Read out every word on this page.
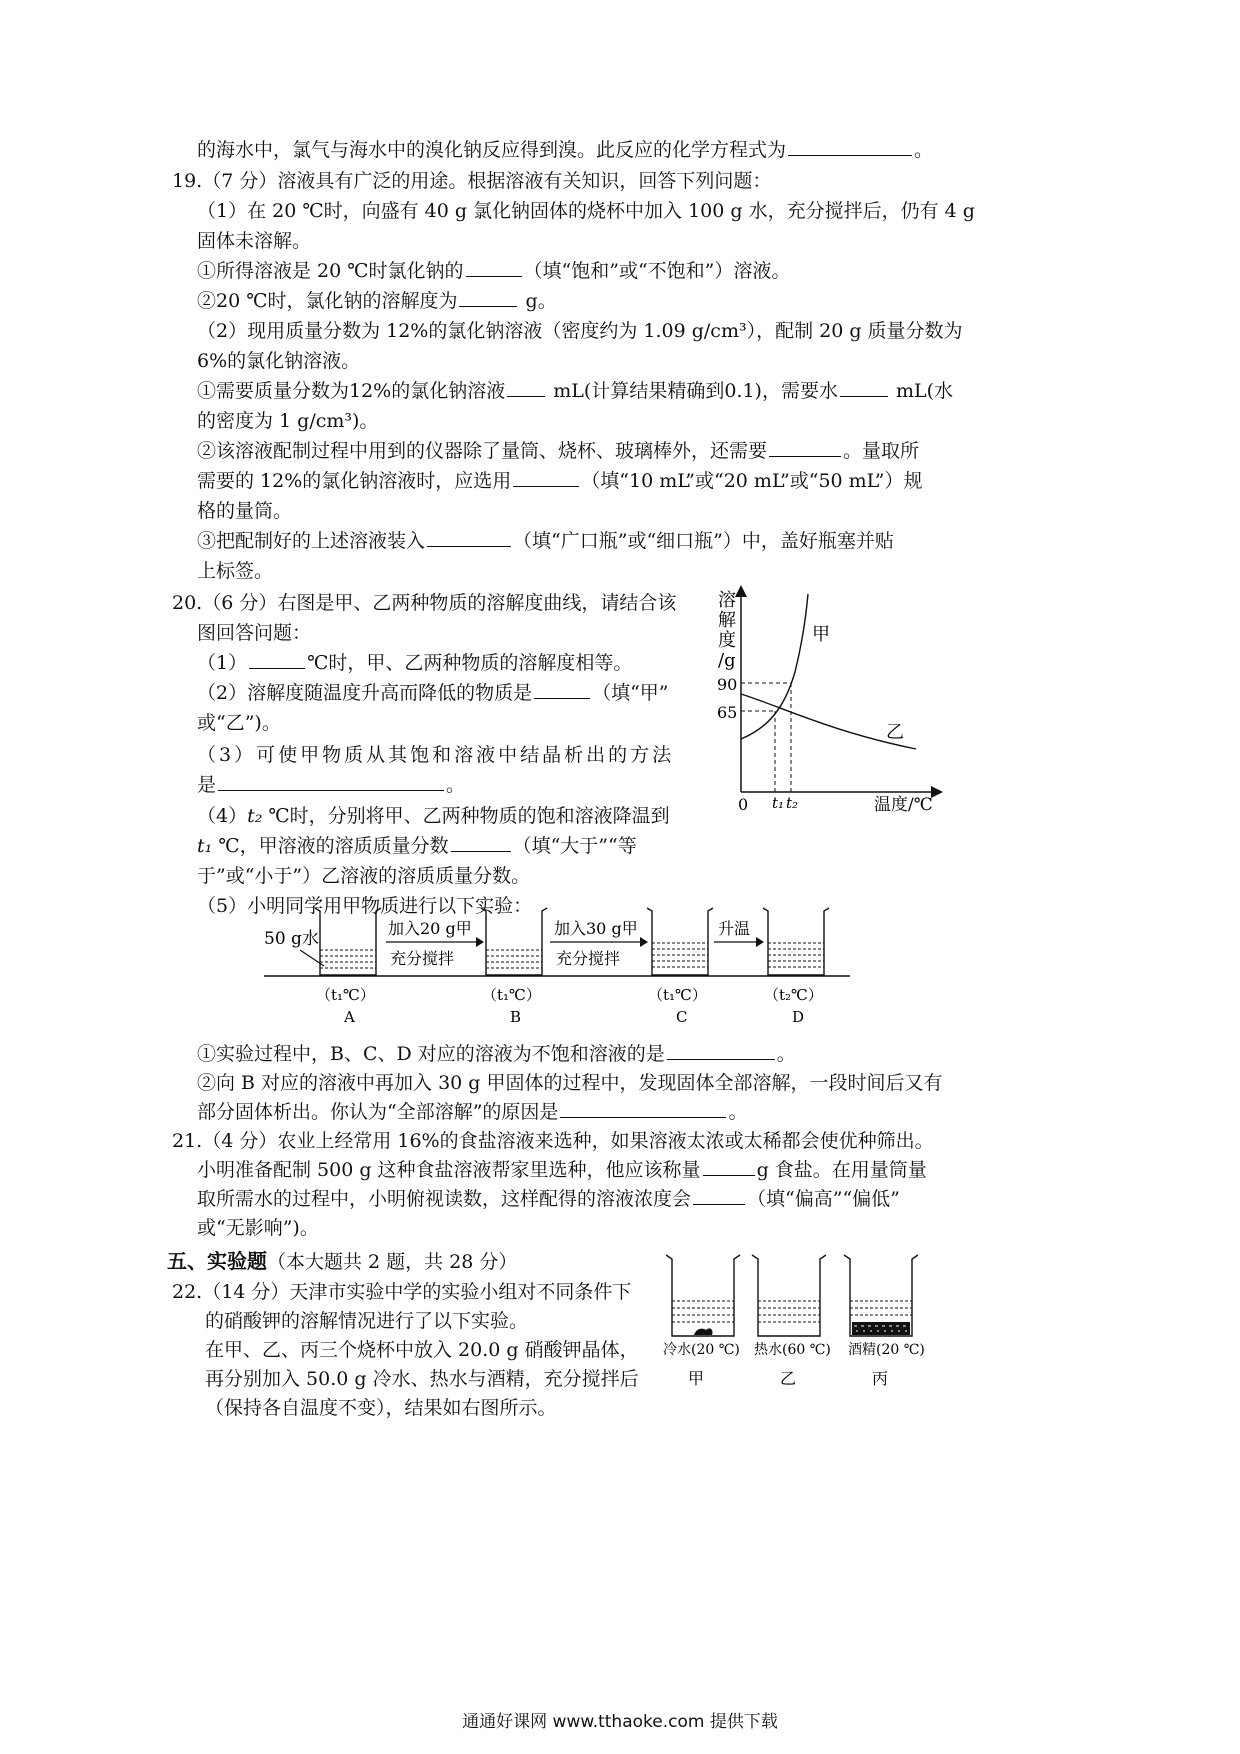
的海水中，氯气与海水中的溴化钠反应得到溴。此反应的化学方程式为	。
19.（7 分）溶液具有广泛的用途。根据溶液有关知识，回答下列问题：
（1）在 20 ℃时，向盛有 40 g 氯化钠固体的烧杯中加入 100 g 水，充分搅拌后，仍有 4 g
固体未溶解。
①所得溶液是 20 ℃时氯化钠的	（填“饱和”或“不饱和”）溶液。
②20 ℃时，氯化钠的溶解度为	g。
（2）现用质量分数为 12%的氯化钠溶液（密度约为 1.09 g/cm³），配制 20 g 质量分数为
6%的氯化钠溶液。
①需要质量分数为12%的氯化钠溶液	mL(计算结果精确到0.1)，需要水	mL(水
的密度为 1 g/cm³)。
②该溶液配制过程中用到的仪器除了量筒、烧杯、玻璃棒外，还需要	。量取所
需要的 12%的氯化钠溶液时，应选用	（填“10 mL”或“20 mL”或“50 mL”）规
格的量筒。
③把配制好的上述溶液装入	（填“广口瓶”或“细口瓶”）中，盖好瓶塞并贴
上标签。
20.（6 分）右图是甲、乙两种物质的溶解度曲线，请结合该
图回答问题：
（1）	℃时，甲、乙两种物质的溶解度相等。
（2）溶解度随温度升高而降低的物质是	（填“甲”
或“乙”)。
（3）可使甲物质从其饱和溶液中结晶析出的方法
是	。
（4）t₂ ℃时，分别将甲、乙两种物质的饱和溶液降温到
t₁ ℃，甲溶液的溶质质量分数	（填“大于”“等
于”或“小于”）乙溶液的溶质质量分数。
（5）小明同学用甲物质进行以下实验：
溶
解
度
/g
90
65
0 t₁ t₂	温度/℃
甲
乙
50 g水
加入20 g甲
充分搅拌
加入30 g甲
充分搅拌
升温
（t₁℃）	（t₁℃）	（t₁℃）	（t₂℃）
A	B	C	D
①实验过程中，B、C、D 对应的溶液为不饱和溶液的是	。
②向 B 对应的溶液中再加入 30 g 甲固体的过程中，发现固体全部溶解，一段时间后又有
部分固体析出。你认为“全部溶解”的原因是	。
21.（4 分）农业上经常用 16%的食盐溶液来选种，如果溶液太浓或太稀都会使优种筛出。
小明准备配制 500 g 这种食盐溶液帮家里选种，他应该称量	g 食盐。在用量筒量
取所需水的过程中，小明俯视读数，这样配得的溶液浓度会	（填“偏高”“偏低”
或“无影响”)。
五、实验题（本大题共 2 题，共 28 分）
22.（14 分）天津市实验中学的实验小组对不同条件下
的硝酸钾的溶解情况进行了以下实验。
在甲、乙、丙三个烧杯中放入 20.0 g 硝酸钾晶体，
再分别加入 50.0 g 冷水、热水与酒精，充分搅拌后
（保持各自温度不变），结果如右图所示。
冷水(20 ℃) 热水(60 ℃) 酒精(20 ℃)
甲	乙	丙
通通好课网 www.tthaoke.com 提供下载
